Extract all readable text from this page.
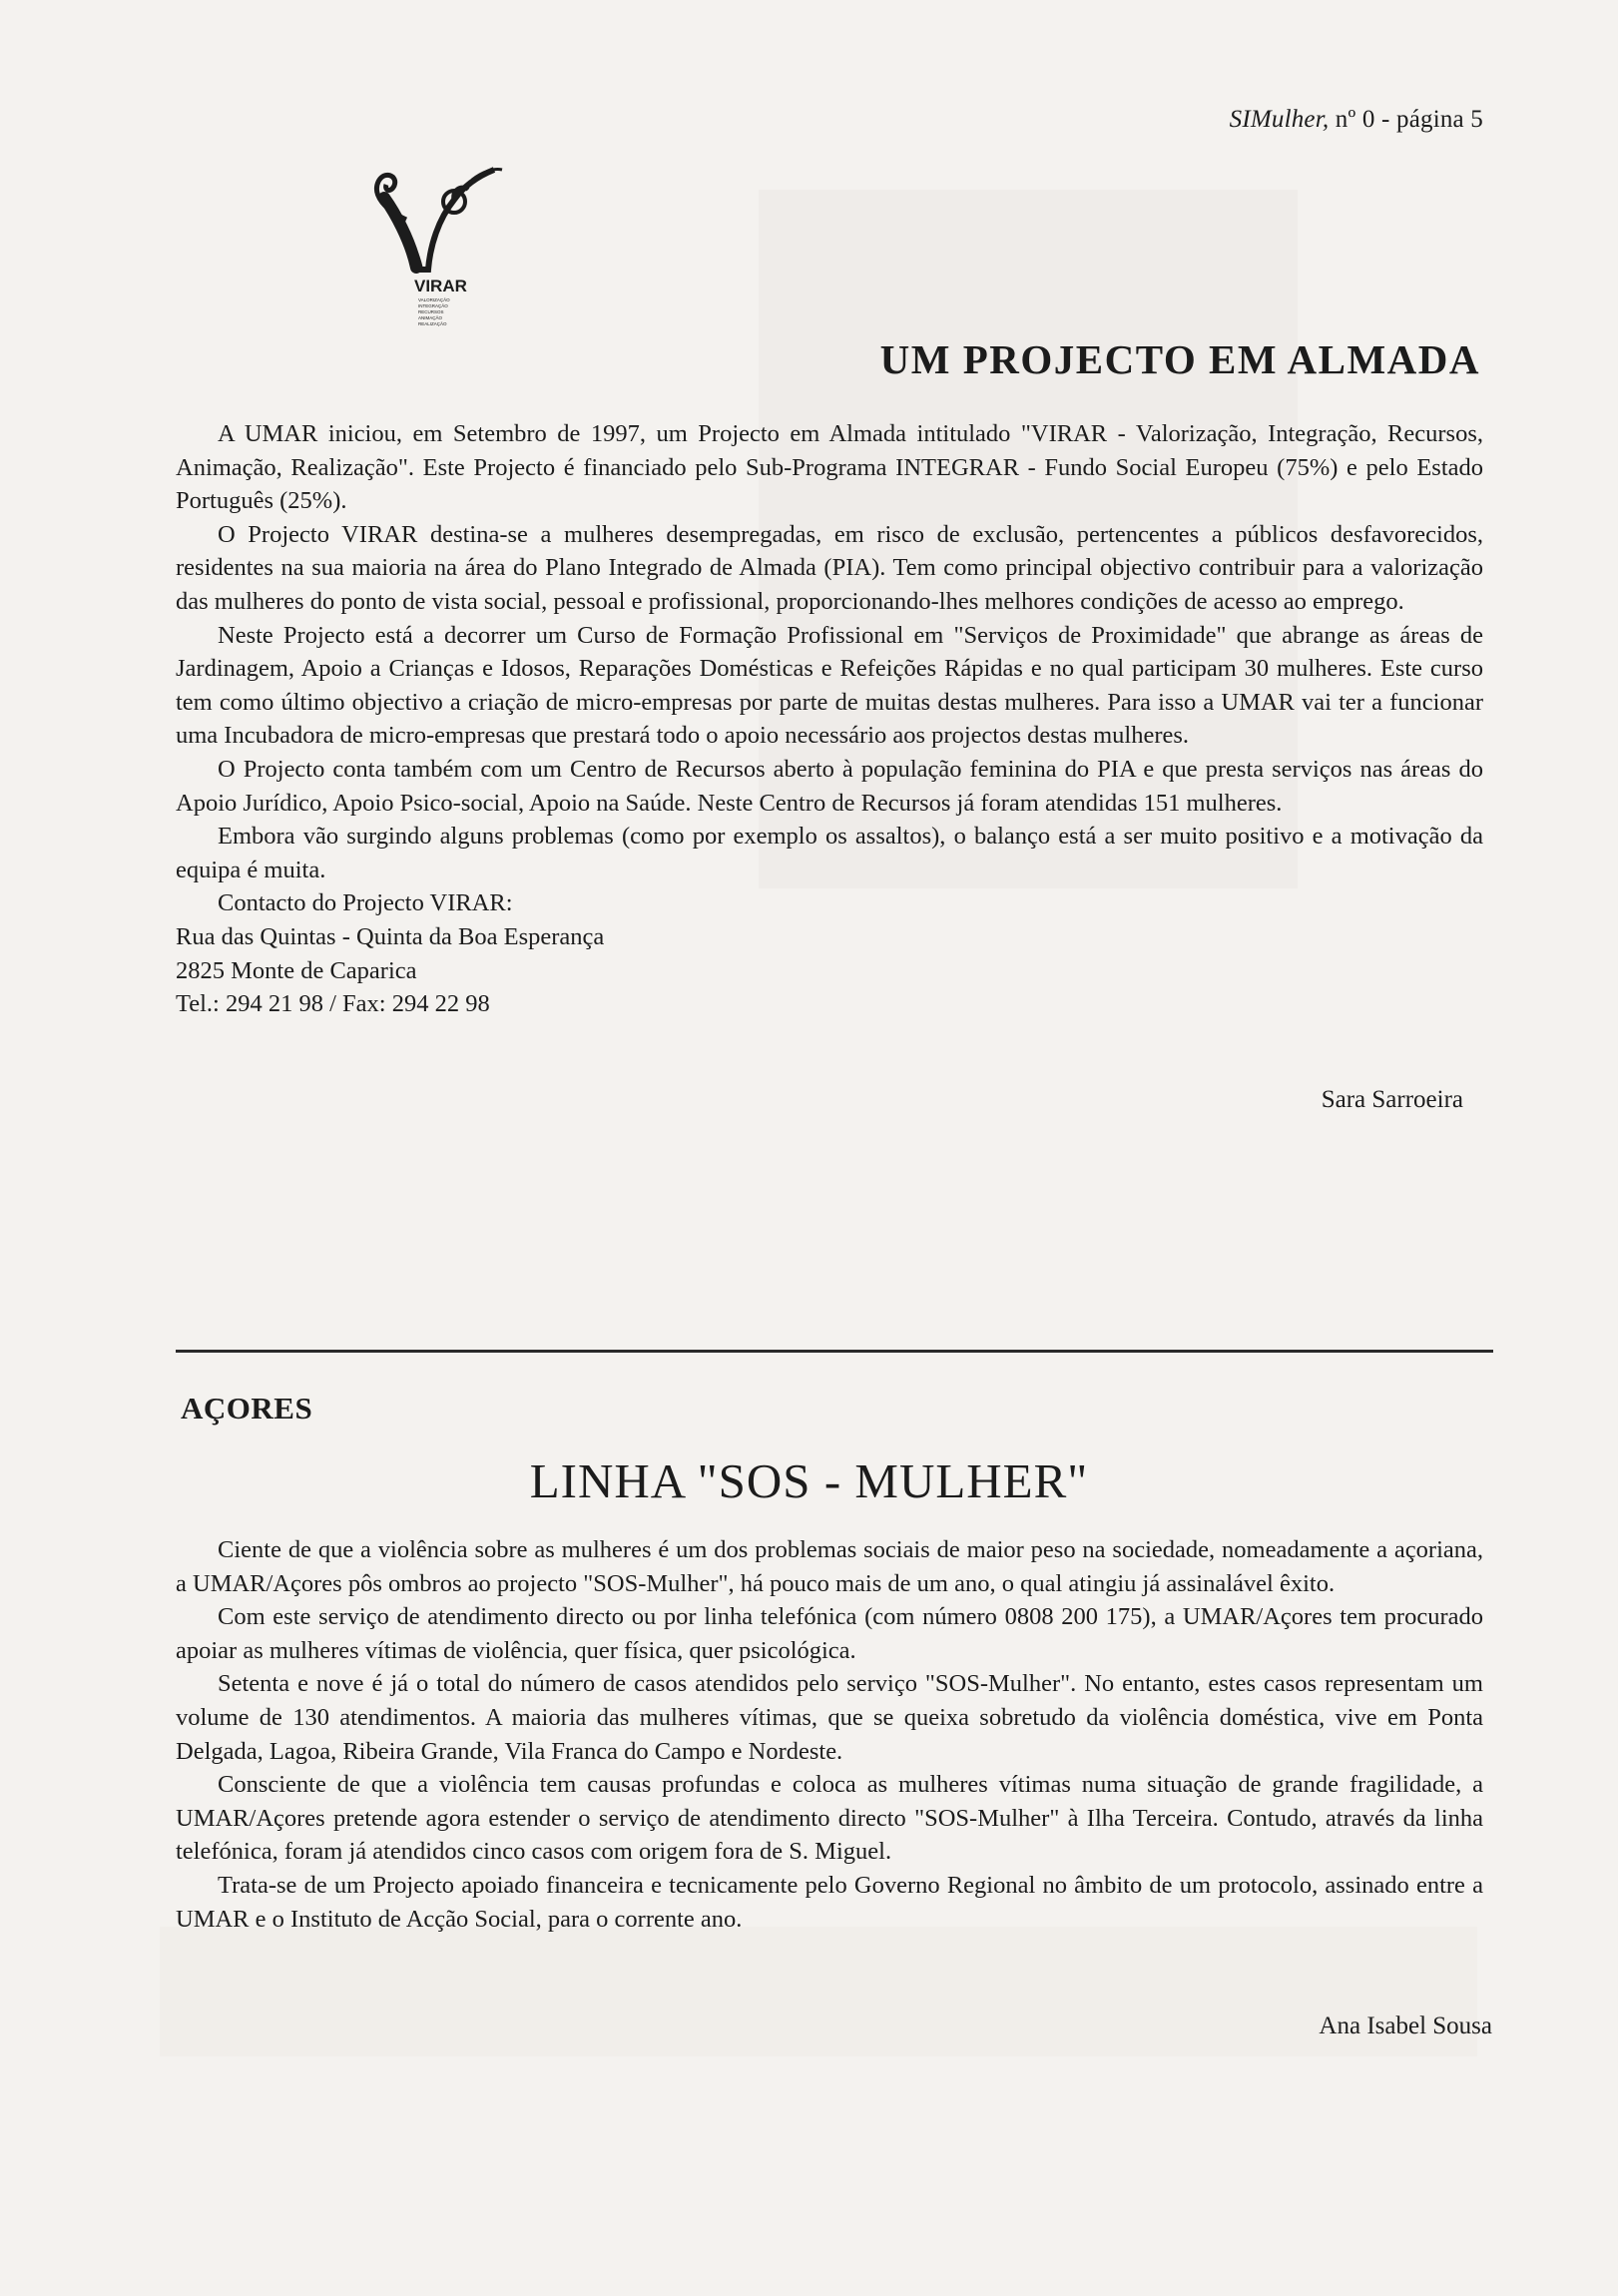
SIMulher, nº 0 - página 5
VIRAR
VALORIZAÇÃO
INTEGRAÇÃO
RECURSOS
ANIMAÇÃO
REALIZAÇÃO
UM PROJECTO EM ALMADA

A UMAR iniciou, em Setembro de 1997, um Projecto em Almada intitulado "VIRAR - Valorização, Integração, Recursos, Animação, Realização". Este Projecto é financiado pelo Sub-Programa INTEGRAR - Fundo Social Europeu (75%) e pelo Estado Português (25%).

O Projecto VIRAR destina-se a mulheres desempregadas, em risco de exclusão, pertencentes a públicos desfavorecidos, residentes na sua maioria na área do Plano Integrado de Almada (PIA). Tem como principal objectivo contribuir para a valorização das mulheres do ponto de vista social, pessoal e profissional, proporcionando-lhes melhores condições de acesso ao emprego.

Neste Projecto está a decorrer um Curso de Formação Profissional em "Serviços de Proximidade" que abrange as áreas de Jardinagem, Apoio a Crianças e Idosos, Reparações Domésticas e Refeições Rápidas e no qual participam 30 mulheres. Este curso tem como último objectivo a criação de micro-empresas por parte de muitas destas mulheres. Para isso a UMAR vai ter a funcionar uma Incubadora de micro-empresas que prestará todo o apoio necessário aos projectos destas mulheres.

O Projecto conta também com um Centro de Recursos aberto à população feminina do PIA e que presta serviços nas áreas do Apoio Jurídico, Apoio Psico-social, Apoio na Saúde. Neste Centro de Recursos já foram atendidas 151 mulheres.

Embora vão surgindo alguns problemas (como por exemplo os assaltos), o balanço está a ser muito positivo e a motivação da equipa é muita.

Contacto do Projecto VIRAR:
Rua das Quintas - Quinta da Boa Esperança
2825 Monte de Caparica
Tel.: 294 21 98 / Fax: 294 22 98
Sara Sarroeira
AÇORES
LINHA "SOS - MULHER"

Ciente de que a violência sobre as mulheres é um dos problemas sociais de maior peso na sociedade, nomeadamente a açoriana, a UMAR/Açores pôs ombros ao projecto "SOS-Mulher", há pouco mais de um ano, o qual atingiu já assinalável êxito.

Com este serviço de atendimento directo ou por linha telefónica (com número 0808 200 175), a UMAR/Açores tem procurado apoiar as mulheres vítimas de violência, quer física, quer psicológica.

Setenta e nove é já o total do número de casos atendidos pelo serviço "SOS-Mulher". No entanto, estes casos representam um volume de 130 atendimentos. A maioria das mulheres vítimas, que se queixa sobretudo da violência doméstica, vive em Ponta Delgada, Lagoa, Ribeira Grande, Vila Franca do Campo e Nordeste.

Consciente de que a violência tem causas profundas e coloca as mulheres vítimas numa situação de grande fragilidade, a UMAR/Açores pretende agora estender o serviço de atendimento directo "SOS-Mulher" à Ilha Terceira. Contudo, através da linha telefónica, foram já atendidos cinco casos com origem fora de S. Miguel.

Trata-se de um Projecto apoiado financeira e tecnicamente pelo Governo Regional no âmbito de um protocolo, assinado entre a UMAR e o Instituto de Acção Social, para o corrente ano.

Ana Isabel Sousa
